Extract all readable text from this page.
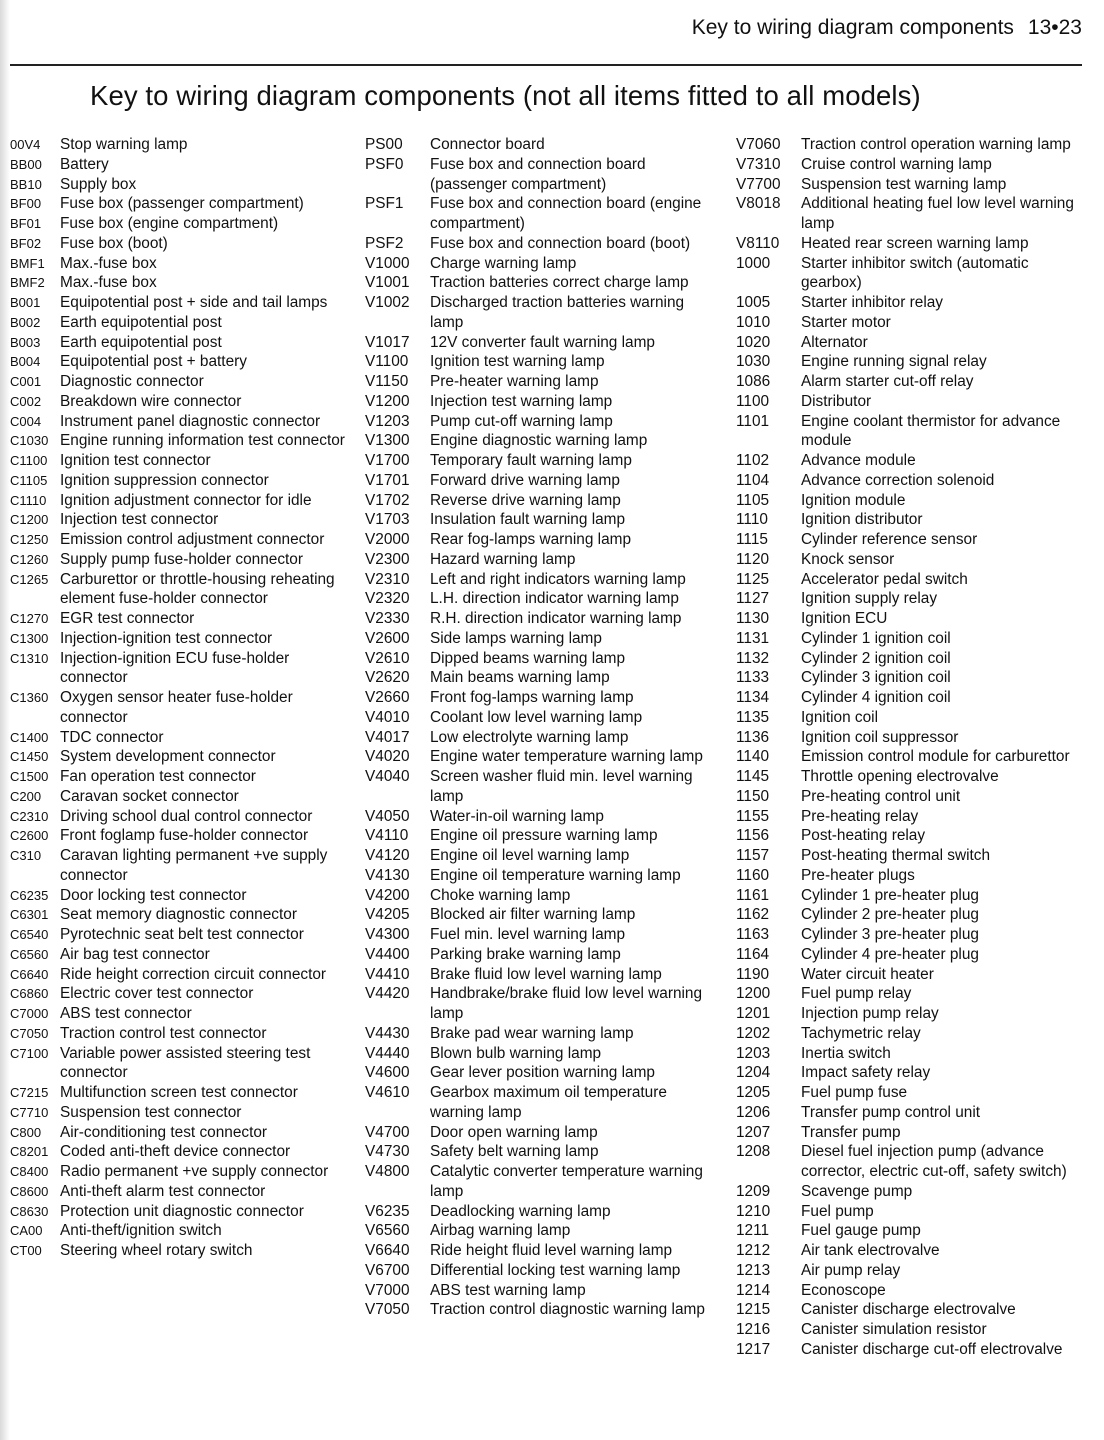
Key to wiring diagram components 13•23
Key to wiring diagram components (not all items fitted to all models)
00V4	Stop warning lamp
BB00	Battery
BB10	Supply box
BF00	Fuse box (passenger compartment)
BF01	Fuse box (engine compartment)
BF02	Fuse box (boot)
BMF1 Max.-fuse box
BMF2 Max.-fuse box
B001	Equipotential post + side and tail lamps
B002	Earth equipotential post
B003	Earth equipotential post
B004	Equipotential post + battery
C001	Diagnostic connector
C002	Breakdown wire connector
C004	Instrument panel diagnostic connector
C1030 Engine running information test connector
C1100 Ignition test connector
C1105 Ignition suppression connector
C1110 Ignition adjustment connector for idle
C1200 Injection test connector
C1250 Emission control adjustment connector
C1260 Supply pump fuse-holder connector
C1265 Carburettor or throttle-housing reheating element fuse-holder connector
C1270 EGR test connector
C1300 Injection-ignition test connector
C1310 Injection-ignition ECU fuse-holder connector
C1360 Oxygen sensor heater fuse-holder connector
C1400 TDC connector
C1450 System development connector
C1500 Fan operation test connector
C200	Caravan socket connector
C2310 Driving school dual control connector
C2600 Front foglamp fuse-holder connector
C310	Caravan lighting permanent +ve supply connector
C6235 Door locking test connector
C6301 Seat memory diagnostic connector
C6540 Pyrotechnic seat belt test connector
C6560 Air bag test connector
C6640 Ride height correction circuit connector
C6860 Electric cover test connector
C7000 ABS test connector
C7050 Traction control test connector
C7100 Variable power assisted steering test connector
C7215 Multifunction screen test connector
C7710 Suspension test connector
C800	Air-conditioning test connector
C8201 Coded anti-theft device connector
C8400 Radio permanent +ve supply connector
C8600 Anti-theft alarm test connector
C8630 Protection unit diagnostic connector
CA00	Anti-theft/ignition switch
CT00	Steering wheel rotary switch
PS00	Connector board
PSF0	Fuse box and connection board (passenger compartment)
PSF1	Fuse box and connection board (engine compartment)
PSF2	Fuse box and connection board (boot)
V1000	Charge warning lamp
V1001	Traction batteries correct charge lamp
V1002	Discharged traction batteries warning lamp
V1017	12V converter fault warning lamp
V1100	Ignition test warning lamp
V1150	Pre-heater warning lamp
V1200	Injection test warning lamp
V1203	Pump cut-off warning lamp
V1300	Engine diagnostic warning lamp
V1700	Temporary fault warning lamp
V1701	Forward drive warning lamp
V1702	Reverse drive warning lamp
V1703	Insulation fault warning lamp
V2000	Rear fog-lamps warning lamp
V2300	Hazard warning lamp
V2310	Left and right indicators warning lamp
V2320	L.H. direction indicator warning lamp
V2330	R.H. direction indicator warning lamp
V2600	Side lamps warning lamp
V2610	Dipped beams warning lamp
V2620	Main beams warning lamp
V2660	Front fog-lamps warning lamp
V4010	Coolant low level warning lamp
V4017	Low electrolyte warning lamp
V4020	Engine water temperature warning lamp
V4040	Screen washer fluid min. level warning lamp
V4050	Water-in-oil warning lamp
V4110	Engine oil pressure warning lamp
V4120	Engine oil level warning lamp
V4130	Engine oil temperature warning lamp
V4200	Choke warning lamp
V4205	Blocked air filter warning lamp
V4300	Fuel min. level warning lamp
V4400	Parking brake warning lamp
V4410	Brake fluid low level warning lamp
V4420	Handbrake/brake fluid low level warning lamp
V4430	Brake pad wear warning lamp
V4440	Blown bulb warning lamp
V4600	Gear lever position warning lamp
V4610	Gearbox maximum oil temperature warning lamp
V4700	Door open warning lamp
V4730	Safety belt warning lamp
V4800	Catalytic converter temperature warning lamp
V6235	Deadlocking warning lamp
V6560	Airbag warning lamp
V6640	Ride height fluid level warning lamp
V6700	Differential locking test warning lamp
V7000	ABS test warning lamp
V7050	Traction control diagnostic warning lamp
V7060	Traction control operation warning lamp
V7310	Cruise control warning lamp
V7700	Suspension test warning lamp
V8018	Additional heating fuel low level warning lamp
V8110	Heated rear screen warning lamp
1000	Starter inhibitor switch (automatic gearbox)
1005	Starter inhibitor relay
1010	Starter motor
1020	Alternator
1030	Engine running signal relay
1086	Alarm starter cut-off relay
1100	Distributor
1101	Engine coolant thermistor for advance module
1102	Advance module
1104	Advance correction solenoid
1105	Ignition module
1110	Ignition distributor
1115	Cylinder reference sensor
1120	Knock sensor
1125	Accelerator pedal switch
1127	Ignition supply relay
1130	Ignition ECU
1131	Cylinder 1 ignition coil
1132	Cylinder 2 ignition coil
1133	Cylinder 3 ignition coil
1134	Cylinder 4 ignition coil
1135	Ignition coil
1136	Ignition coil suppressor
1140	Emission control module for carburettor
1145	Throttle opening electrovalve
1150	Pre-heating control unit
1155	Pre-heating relay
1156	Post-heating relay
1157	Post-heating thermal switch
1160	Pre-heater plugs
1161	Cylinder 1 pre-heater plug
1162	Cylinder 2 pre-heater plug
1163	Cylinder 3 pre-heater plug
1164	Cylinder 4 pre-heater plug
1190	Water circuit heater
1200	Fuel pump relay
1201	Injection pump relay
1202	Tachymetric relay
1203	Inertia switch
1204	Impact safety relay
1205	Fuel pump fuse
1206	Transfer pump control unit
1207	Transfer pump
1208	Diesel fuel injection pump (advance corrector, electric cut-off, safety switch)
1209	Scavenge pump
1210	Fuel pump
1211	Fuel gauge pump
1212	Air tank electrovalve
1213	Air pump relay
1214	Econoscope
1215	Canister discharge electrovalve
1216	Canister simulation resistor
1217	Canister discharge cut-off electrovalve
